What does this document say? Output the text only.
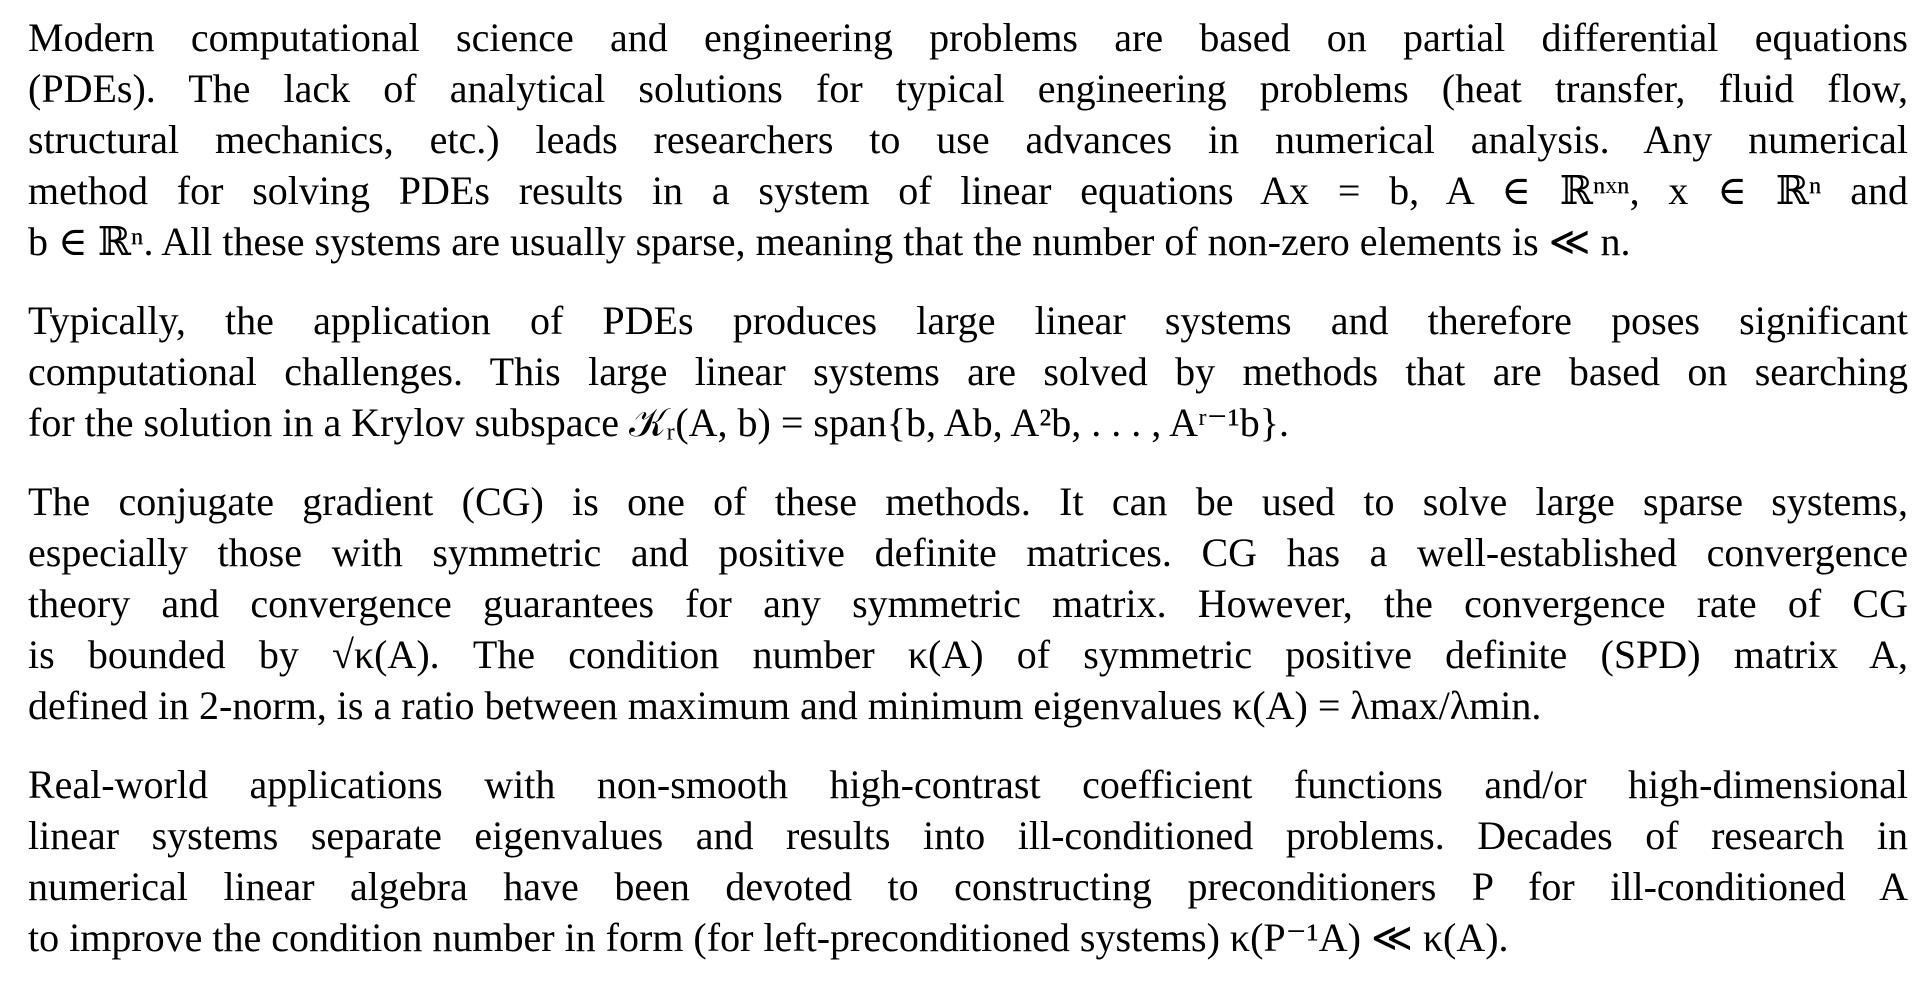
Modern computational science and engineering problems are based on partial differential equations
(PDEs). The lack of analytical solutions for typical engineering problems (heat transfer, fluid flow,
structural mechanics, etc.) leads researchers to use advances in numerical analysis. Any numerical
method for solving PDEs results in a system of linear equations Ax = b, A ∈ ℝⁿˣⁿ, x ∈ ℝⁿ and
b ∈ ℝⁿ. All these systems are usually sparse, meaning that the number of non-zero elements is ≪ n.
Typically, the application of PDEs produces large linear systems and therefore poses significant
computational challenges. This large linear systems are solved by methods that are based on searching
for the solution in a Krylov subspace 𝒦ᵣ(A, b) = span{b, Ab, A²b, . . . , Aʳ⁻¹b}.
The conjugate gradient (CG) is one of these methods. It can be used to solve large sparse systems,
especially those with symmetric and positive definite matrices. CG has a well-established convergence
theory and convergence guarantees for any symmetric matrix. However, the convergence rate of CG
is bounded by √κ(A). The condition number κ(A) of symmetric positive definite (SPD) matrix A,
defined in 2-norm, is a ratio between maximum and minimum eigenvalues κ(A) = λmax/λmin.
Real-world applications with non-smooth high-contrast coefficient functions and/or high-dimensional
linear systems separate eigenvalues and results into ill-conditioned problems. Decades of research in
numerical linear algebra have been devoted to constructing preconditioners P for ill-conditioned A
to improve the condition number in form (for left-preconditioned systems) κ(P⁻¹A) ≪ κ(A).
